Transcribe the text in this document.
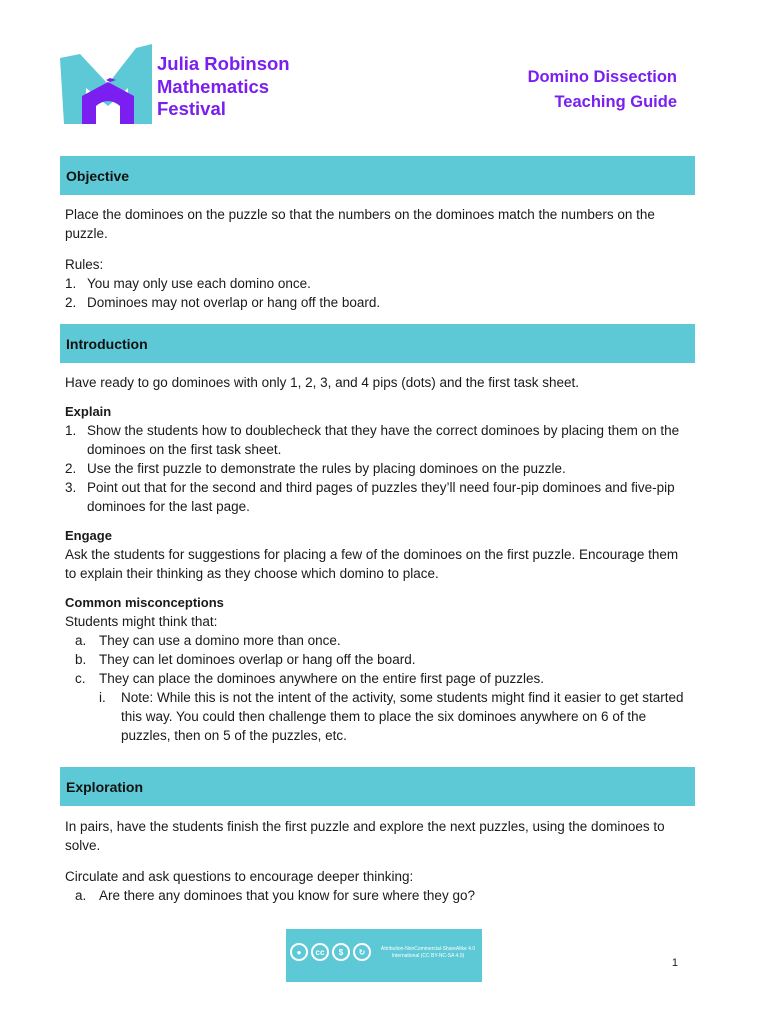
Julia Robinson
Mathematics
Festival
Domino Dissection
Teaching Guide
Objective

Place the dominoes on the puzzle so that the numbers on the dominoes match the numbers on the puzzle.

Rules:

1. You may only use each domino once.
2. Dominoes may not overlap or hang off the board.
Introduction

Have ready to go dominoes with only 1, 2, 3, and 4 pips (dots) and the first task sheet.

Explain

1. Show the students how to doublecheck that they have the correct dominoes by placing them on the dominoes on the first task sheet.
2. Use the first puzzle to demonstrate the rules by placing dominoes on the puzzle.
3. Point out that for the second and third pages of puzzles they’ll need four-pip dominoes and five-pip dominoes for the last page.

Engage

Ask the students for suggestions for placing a few of the dominoes on the first puzzle. Encourage them to explain their thinking as they choose which domino to place.

Common misconceptions

Students might think that:

a. They can use a domino more than once.
b. They can let dominoes overlap or hang off the board.
c. They can place the dominoes anywhere on the entire first page of puzzles.
i.	Note: While this is not the intent of the activity, some students might find it easier to get started this way. You could then challenge them to place the six dominoes anywhere on 6 of the puzzles, then on 5 of the puzzles, etc.
Exploration

In pairs, have the students finish the first puzzle and explore the next puzzles, using the dominoes to solve.

Circulate and ask questions to encourage deeper thinking:

a. Are there any dominoes that you know for sure where they go?
●	cc	$	↻	Attribution-NonCommercial-ShareAlike 4.0 International (CC BY-NC-SA 4.0)
1
